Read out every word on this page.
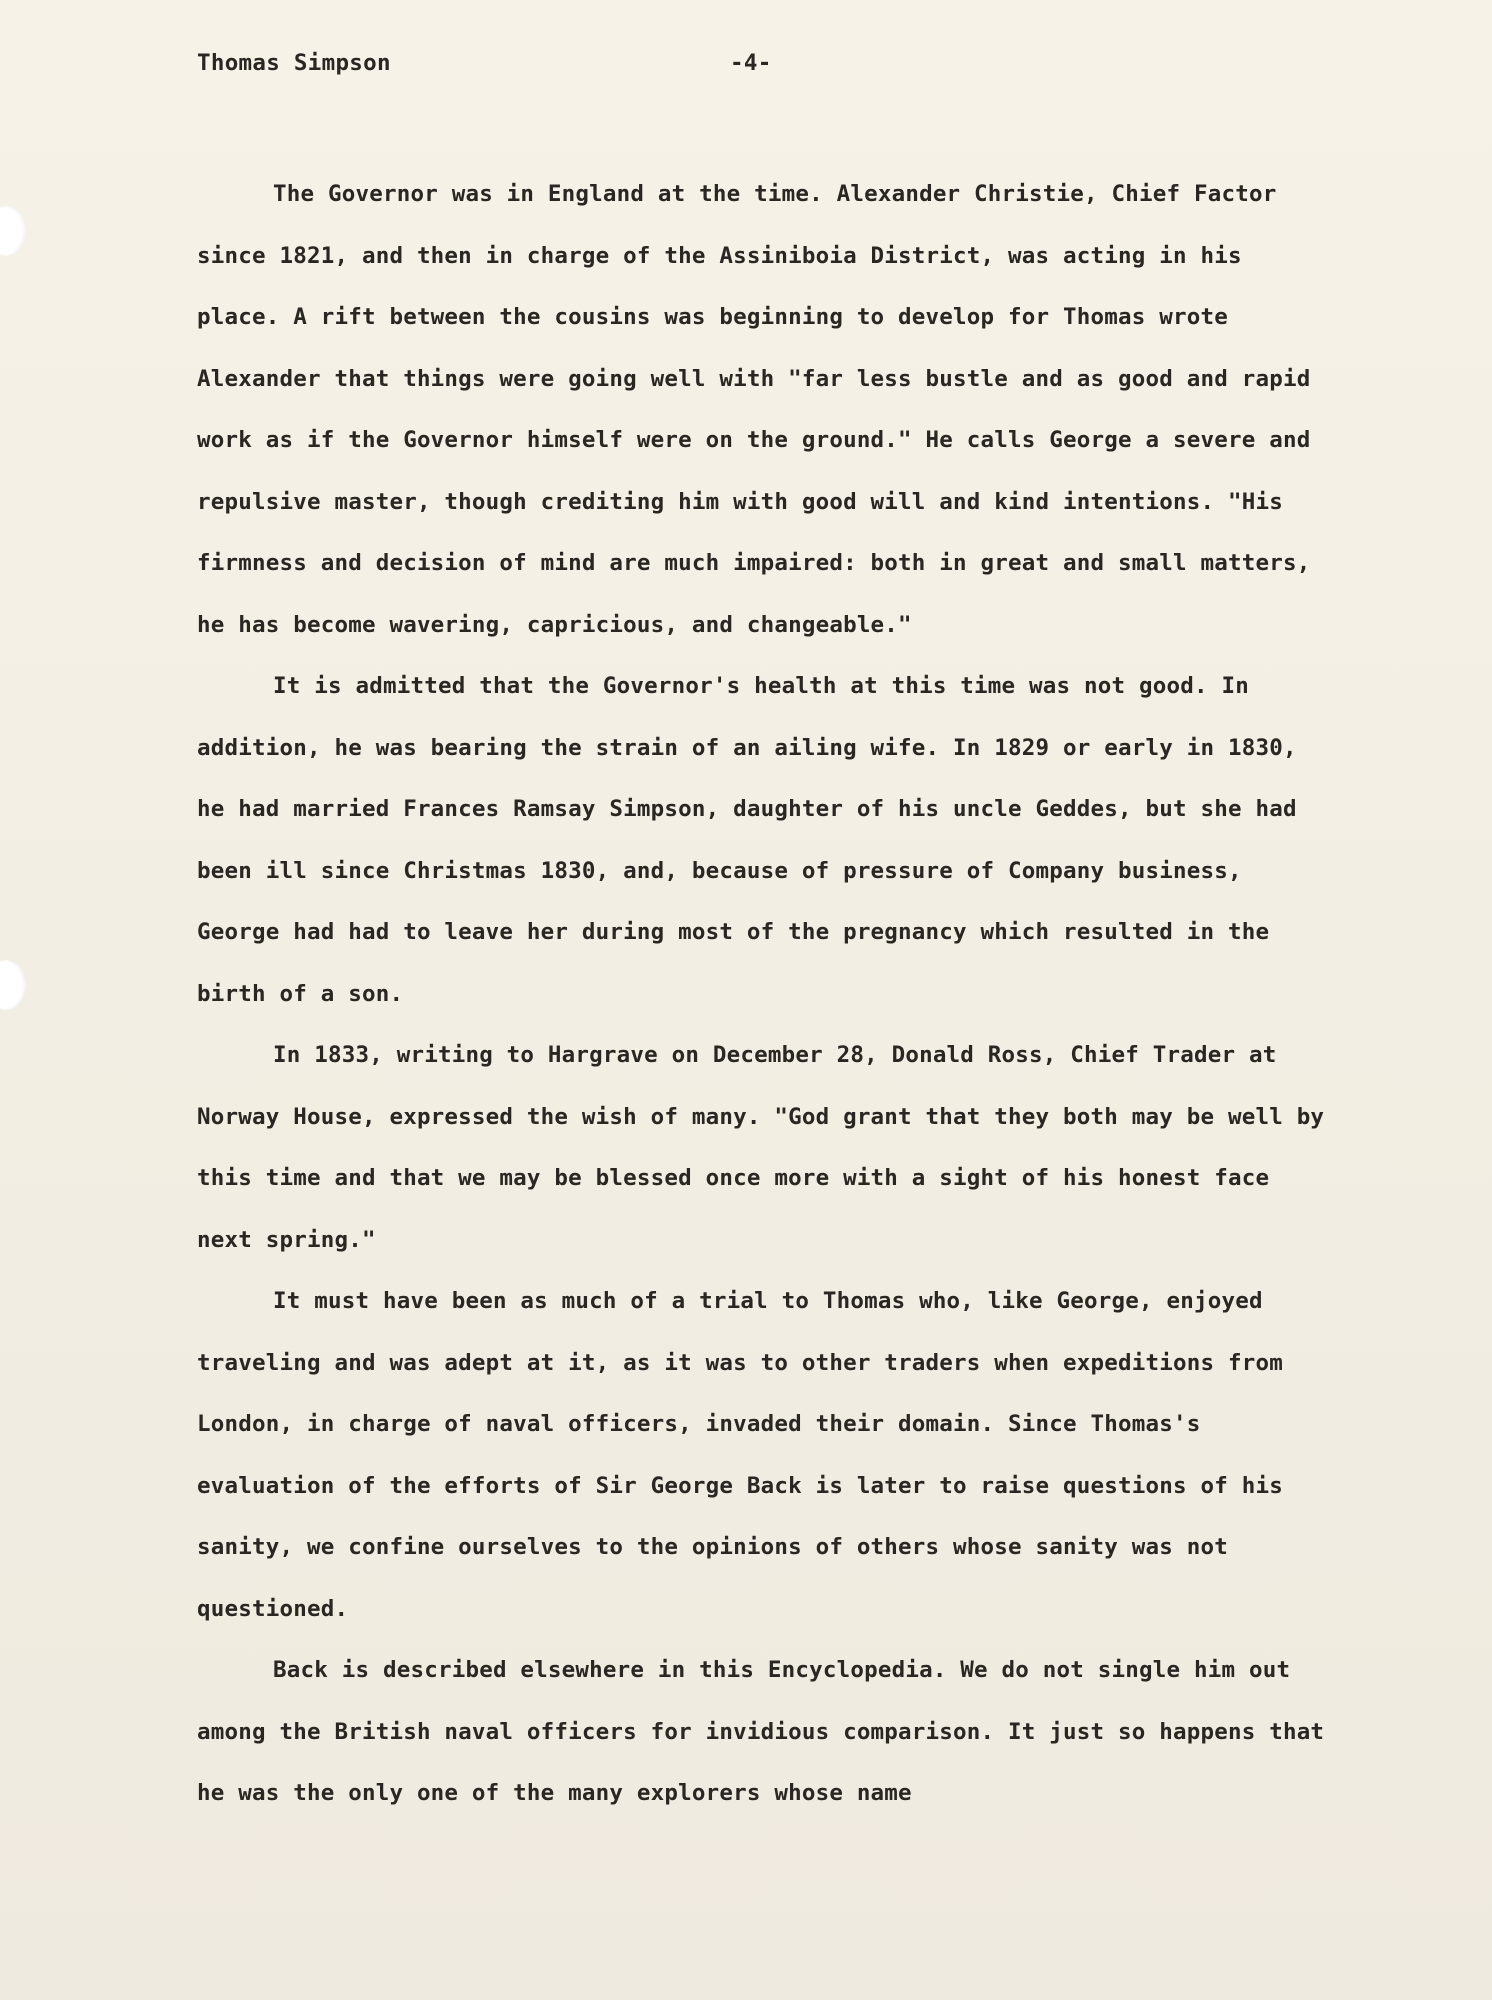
Thomas Simpson	-4-

The Governor was in England at the time. Alexander Christie, Chief Factor since 1821, and then in charge of the Assiniboia District, was acting in his place. A rift between the cousins was beginning to develop for Thomas wrote Alexander that things were going well with "far less bustle and as good and rapid work as if the Governor himself were on the ground." He calls George a severe and repulsive master, though crediting him with good will and kind intentions. "His firmness and decision of mind are much impaired: both in great and small matters, he has become wavering, capricious, and changeable."

It is admitted that the Governor's health at this time was not good. In addition, he was bearing the strain of an ailing wife. In 1829 or early in 1830, he had married Frances Ramsay Simpson, daughter of his uncle Geddes, but she had been ill since Christmas 1830, and, because of pressure of Company business, George had had to leave her during most of the pregnancy which resulted in the birth of a son.

In 1833, writing to Hargrave on December 28, Donald Ross, Chief Trader at Norway House, expressed the wish of many. "God grant that they both may be well by this time and that we may be blessed once more with a sight of his honest face next spring."

It must have been as much of a trial to Thomas who, like George, enjoyed traveling and was adept at it, as it was to other traders when expeditions from London, in charge of naval officers, invaded their domain. Since Thomas's evaluation of the efforts of Sir George Back is later to raise questions of his sanity, we confine ourselves to the opinions of others whose sanity was not questioned.

Back is described elsewhere in this Encyclopedia. We do not single him out among the British naval officers for invidious comparison. It just so happens that he was the only one of the many explorers whose name
